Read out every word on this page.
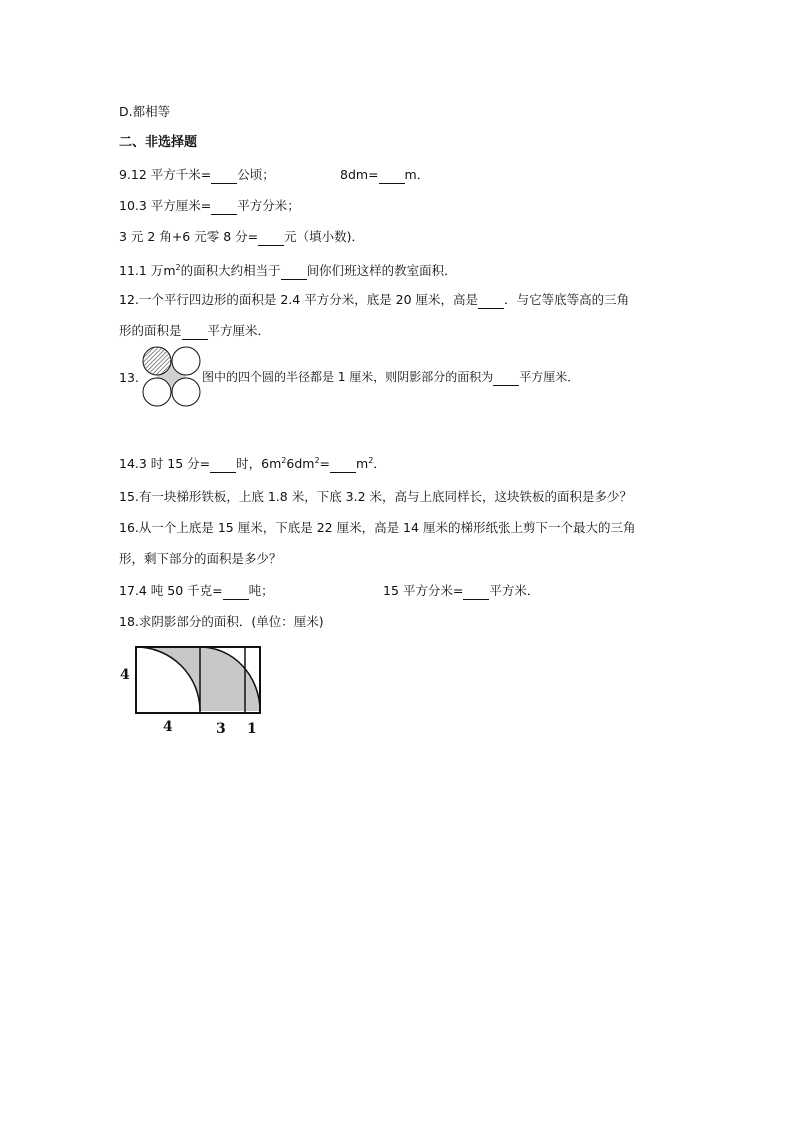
D.都相等
二、非选择题
9.12 平方千米= 公顷；	8dm= m．
10.3 平方厘米= 平方分米；
3 元 2 角+6 元零 8 分= 元（填小数)．
11.1 万$m^2$的面积大约相当于 间你们班这样的教室面积．
12.一个平行四边形的面积是 2.4 平方分米，底是 20 厘米，高是 ．与它等底等高的三角
形的面积是 平方厘米．
13.	图中的四个圆的半径都是 1 厘米，则阴影部分的面积为 平方厘米．
14.3 时 15 分= 时，$6m^26dm^2= m^2$．
15.有一块梯形铁板，上底 1.8 米，下底 3.2 米，高与上底同样长，这块铁板的面积是多少？
16.从一个上底是 15 厘米，下底是 22 厘米，高是 14 厘米的梯形纸张上剪下一个最大的三角
形，剩下部分的面积是多少？
17.4 吨 50 千克= 吨；	15 平方分米= 平方米．
18.求阴影部分的面积．(单位：厘米)
4
4	3 1
